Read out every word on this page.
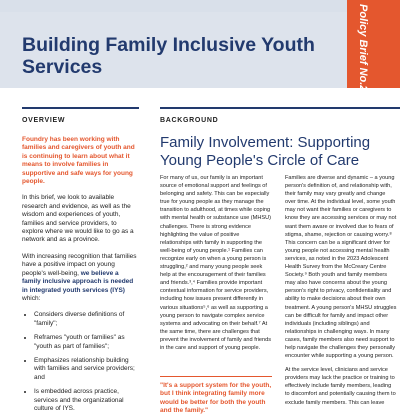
Building Family Inclusive Youth Services	Policy Brief No.2
OVERVIEW	BACKGROUND

Foundry has been working with families and caregivers of youth and is continuing to learn about what it means to involve families in supportive and safe ways for young people.

In this brief, we look to available research and evidence, as well as the wisdom and experiences of youth, families and service providers, to explore where we would like to go as a network and as a province.

With increasing recognition that families have a positive impact on young people's well-being, we believe a family inclusive approach is needed in integrated youth services (IYS) which:

• Considers diverse definitions of "family";
• Reframes "youth or families" as "youth as part of families";
• Emphasizes relationship building with families and service providers; and
• Is embedded across practice, services and the organizational culture of IYS.
Family Involvement: Supporting Young People's Circle of Care

For many of us, our family is an important source of emotional support and feelings of belonging and safety. This can be especially true for young people as they manage the transition to adulthood, at times while coping with mental health or substance use (MHSU) challenges. There is strong evidence highlighting the value of positive relationships with family in supporting the well-being of young people.¹ Families can recognize early on when a young person is struggling,² and many young people seek help at the encouragement of their families and friends.³,⁴ Families provide important contextual information for service providers, including how issues present differently in various situations⁵,⁶ as well as supporting a young person to navigate complex service systems and advocating on their behalf.⁷ At the same time, there are challenges that prevent the involvement of family and friends in the care and support of young people.

"It's a support system for the youth, but I think integrating family more would be better for both the youth and the family."

Families are diverse and dynamic – a young person's definition of, and relationship with, their family may vary greatly and change over time. At the individual level, some youth may not want their families or caregivers to know they are accessing services or may not want them aware or involved due to fears of stigma, shame, rejection or causing worry.⁸ This concern can be a significant driver for young people not accessing mental health services, as noted in the 2023 Adolescent Health Survey from the McCreary Centre Society.⁹ Both youth and family members may also have concerns about the young person's right to privacy, confidentiality and ability to make decisions about their own treatment. A young person's MHSU struggles can be difficult for family and impact other individuals (including siblings) and relationships in challenging ways. In many cases, family members also need support to help navigate the challenges they personally encounter while supporting a young person.

At the service level, clinicians and service providers may lack the practice or training to effectively include family members, leading to discomfort and potentially causing them to exclude family members. This can leave
